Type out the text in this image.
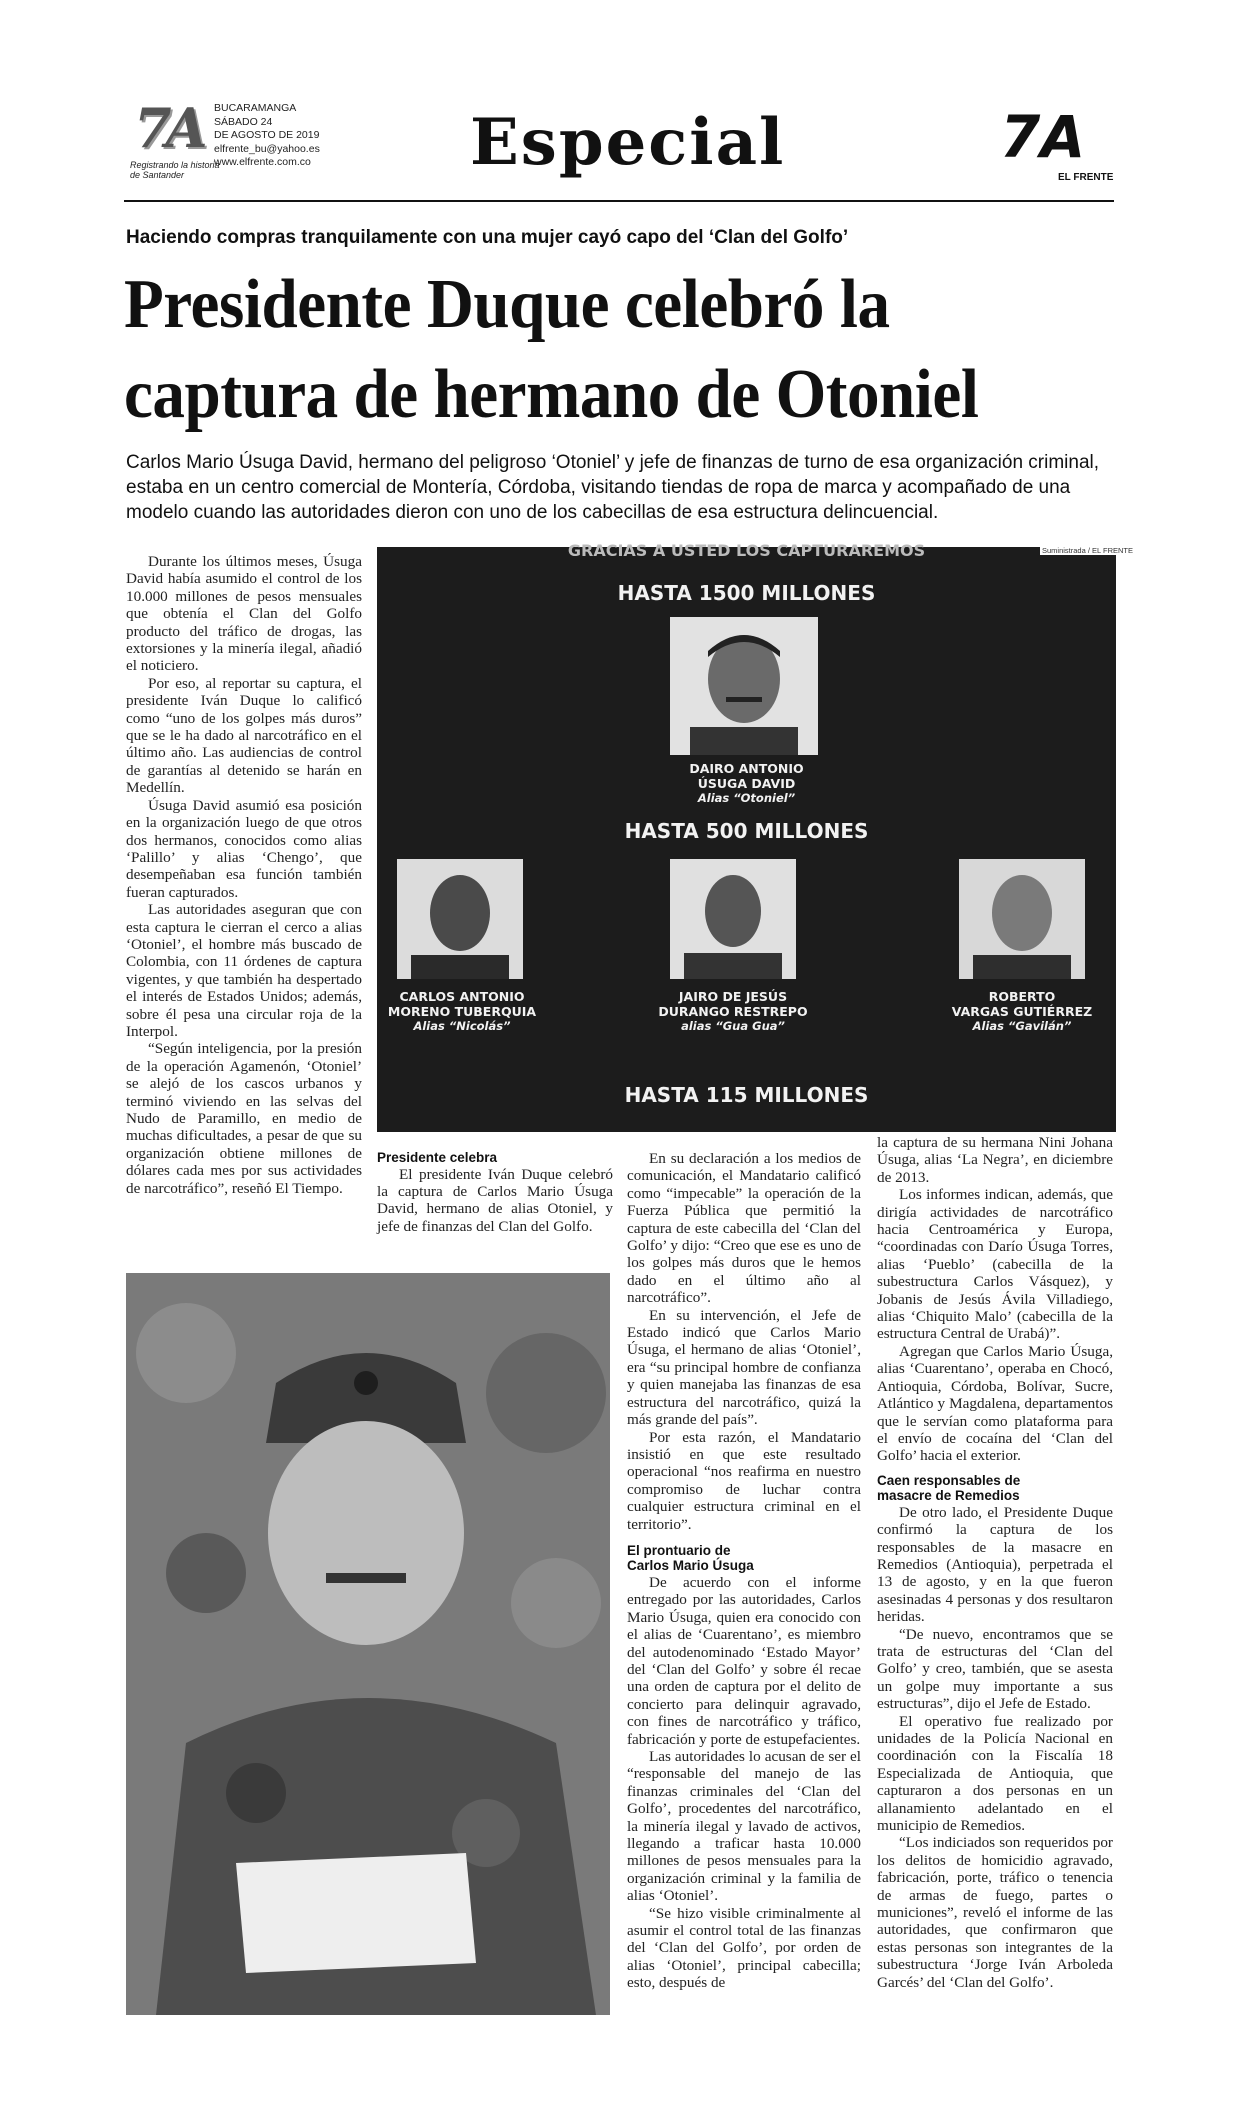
7A
Registrando la historia
de Santander
BUCARAMANGA
SÁBADO 24
DE AGOSTO DE 2019
elfrente_bu@yahoo.es
www.elfrente.com.co Especial	7A
EL FRENTE
Haciendo compras tranquilamente con una mujer cayó capo del ‘Clan del Golfo’
Presidente Duque celebró la
captura de hermano de Otoniel
Carlos Mario Úsuga David, hermano del peligroso ‘Otoniel’ y jefe de finanzas de turno de esa organización criminal, estaba en un centro comercial de Montería, Córdoba, visitando tiendas de ropa de marca y acompañado de una modelo cuando las autoridades dieron con uno de los cabecillas de esa estructura delincuencial.

Durante los últimos meses, Úsuga David había asumido el control de los 10.000 millones de pesos mensuales que obtenía el Clan del Golfo producto del tráfico de drogas, las extorsiones y la minería ilegal, añadió el noticiero.

Por eso, al reportar su captura, el presidente Iván Duque lo calificó como “uno de los golpes más duros” que se le ha dado al narcotráfico en el último año. Las audiencias de control de garantías al detenido se harán en Medellín.

Úsuga David asumió esa posición en la organización luego de que otros dos hermanos, conocidos como alias ‘Palillo’ y alias ‘Chengo’, que desempeñaban esa función también fueran capturados.

Las autoridades aseguran que con esta captura le cierran el cerco a alias ‘Otoniel’, el hombre más buscado de Colombia, con 11 órdenes de captura vigentes, y que también ha despertado el interés de Estados Unidos; además, sobre él pesa una circular roja de la Interpol.

“Según inteligencia, por la presión de la operación Agamenón, ‘Otoniel’ se alejó de los cascos urbanos y terminó viviendo en las selvas del Nudo de Paramillo, en medio de muchas dificultades, a pesar de que su organización obtiene millones de dólares cada mes por sus actividades de narcotráfico”, reseñó El Tiempo.

GRACIAS A USTED LOS CAPTURAREMOS
HASTA 1500 MILLONES
DAIRO ANTONIO
ÚSUGA DAVID
Alias “Otoniel”
HASTA 500 MILLONES
CARLOS ANTONIO
MORENO TUBERQUIA
Alias “Nicolás”
JAIRO DE JESÚS
DURANGO RESTREPO
alias “Gua Gua”
ROBERTO
VARGAS GUTIÉRREZ
Alias “Gavilán”
HASTA 115 MILLONES
Suministrada / EL FRENTE
Presidente celebra

El presidente Iván Duque celebró la captura de Carlos Mario Úsuga David, hermano de alias Otoniel, y jefe de finanzas del Clan del Golfo.

En su declaración a los medios de comunicación, el Mandatario calificó como “impecable” la operación de la Fuerza Pública que permitió la captura de este cabecilla del ‘Clan del Golfo’ y dijo: “Creo que ese es uno de los golpes más duros que le hemos dado en el último año al narcotráfico”.

En su intervención, el Jefe de Estado indicó que Carlos Mario Úsuga, el hermano de alias ‘Otoniel’, era “su principal hombre de confianza y quien manejaba las finanzas de esa estructura del narcotráfico, quizá la más grande del país”.

Por esta razón, el Mandatario insistió en que este resultado operacional “nos reafirma en nuestro compromiso de luchar contra cualquier estructura criminal en el territorio”.

El prontuario de
Carlos Mario Úsuga

De acuerdo con el informe entregado por las autoridades, Carlos Mario Úsuga, quien era conocido con el alias de ‘Cuarentano’, es miembro del autodenominado ‘Estado Mayor’ del ‘Clan del Golfo’ y sobre él recae una orden de captura por el delito de concierto para delinquir agravado, con fines de narcotráfico y tráfico, fabricación y porte de estupefacientes.

Las autoridades lo acusan de ser el “responsable del manejo de las finanzas criminales del ‘Clan del Golfo’, procedentes del narcotráfico, la minería ilegal y lavado de activos, llegando a traficar hasta 10.000 millones de pesos mensuales para la organización criminal y la familia de alias ‘Otoniel’.

“Se hizo visible criminalmente al asumir el control total de las finanzas del ‘Clan del Golfo’, por orden de alias ‘Otoniel’, principal cabecilla; esto, después de

la captura de su hermana Nini Johana Úsuga, alias ‘La Negra’, en diciembre de 2013.

Los informes indican, además, que dirigía actividades de narcotráfico hacia Centroamérica y Europa, “coordinadas con Darío Úsuga Torres, alias ‘Pueblo’ (cabecilla de la subestructura Carlos Vásquez), y Jobanis de Jesús Ávila Villadiego, alias ‘Chiquito Malo’ (cabecilla de la estructura Central de Urabá)”.

Agregan que Carlos Mario Úsuga, alias ‘Cuarentano’, operaba en Chocó, Antioquia, Córdoba, Bolívar, Sucre, Atlántico y Magdalena, departamentos que le servían como plataforma para el envío de cocaína del ‘Clan del Golfo’ hacia el exterior.

Caen responsables de
masacre de Remedios

De otro lado, el Presidente Duque confirmó la captura de los responsables de la masacre en Remedios (Antioquia), perpetrada el 13 de agosto, y en la que fueron asesinadas 4 personas y dos resultaron heridas.

“De nuevo, encontramos que se trata de estructuras del ‘Clan del Golfo’ y creo, también, que se asesta un golpe muy importante a sus estructuras”, dijo el Jefe de Estado.

El operativo fue realizado por unidades de la Policía Nacional en coordinación con la Fiscalía 18 Especializada de Antioquia, que capturaron a dos personas en un allanamiento adelantado en el municipio de Remedios.

“Los indiciados son requeridos por los delitos de homicidio agravado, fabricación, porte, tráfico o tenencia de armas de fuego, partes o municiones”, reveló el informe de las autoridades, que confirmaron que estas personas son integrantes de la subestructura ‘Jorge Iván Arboleda Garcés’ del ‘Clan del Golfo’.
